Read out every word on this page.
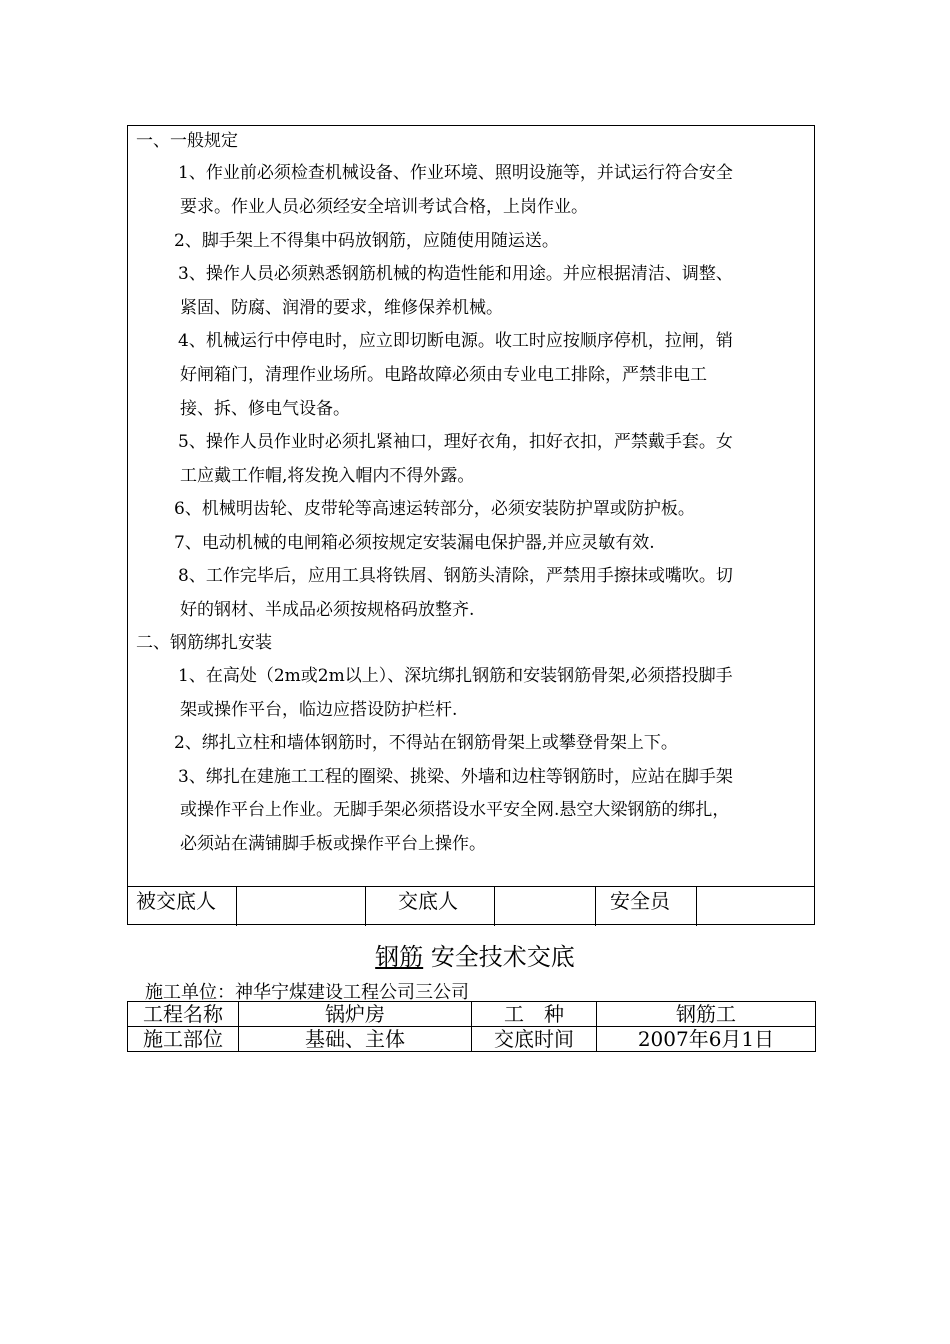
一、一般规定
1、作业前必须检查机械设备、作业环境、照明设施等，并试运行符合安全
要求。作业人员必须经安全培训考试合格，上岗作业。
2、脚手架上不得集中码放钢筋，应随使用随运送。
3、操作人员必须熟悉钢筋机械的构造性能和用途。并应根据清洁、调整、
紧固、防腐、润滑的要求，维修保养机械。
4、机械运行中停电时，应立即切断电源。收工时应按顺序停机，拉闸，销
好闸箱门，清理作业场所。电路故障必须由专业电工排除，严禁非电工
接、拆、修电气设备。
5、操作人员作业时必须扎紧袖口，理好衣角，扣好衣扣，严禁戴手套。女
工应戴工作帽,将发挽入帽内不得外露。
6、机械明齿轮、皮带轮等高速运转部分，必须安装防护罩或防护板。
7、电动机械的电闸箱必须按规定安装漏电保护器,并应灵敏有效.
8、工作完毕后，应用工具将铁屑、钢筋头清除，严禁用手擦抹或嘴吹。切
好的钢材、半成品必须按规格码放整齐.
二、钢筋绑扎安装
1、在高处（2m或2m以上）、深坑绑扎钢筋和安装钢筋骨架,必须搭投脚手
架或操作平台，临边应搭设防护栏杆.
2、绑扎立柱和墙体钢筋时，不得站在钢筋骨架上或攀登骨架上下。
3、绑扎在建施工工程的圈梁、挑梁、外墙和边柱等钢筋时，应站在脚手架
或操作平台上作业。无脚手架必须搭设水平安全网.悬空大梁钢筋的绑扎，
必须站在满铺脚手板或操作平台上操作。
被交底人	交底人	安全员
钢筋 安全技术交底
施工单位：神华宁煤建设工程公司三公司
工程名称	锅炉房	工　种	钢筋工
施工部位	基础、主体	交底时间	2007年6月1日
